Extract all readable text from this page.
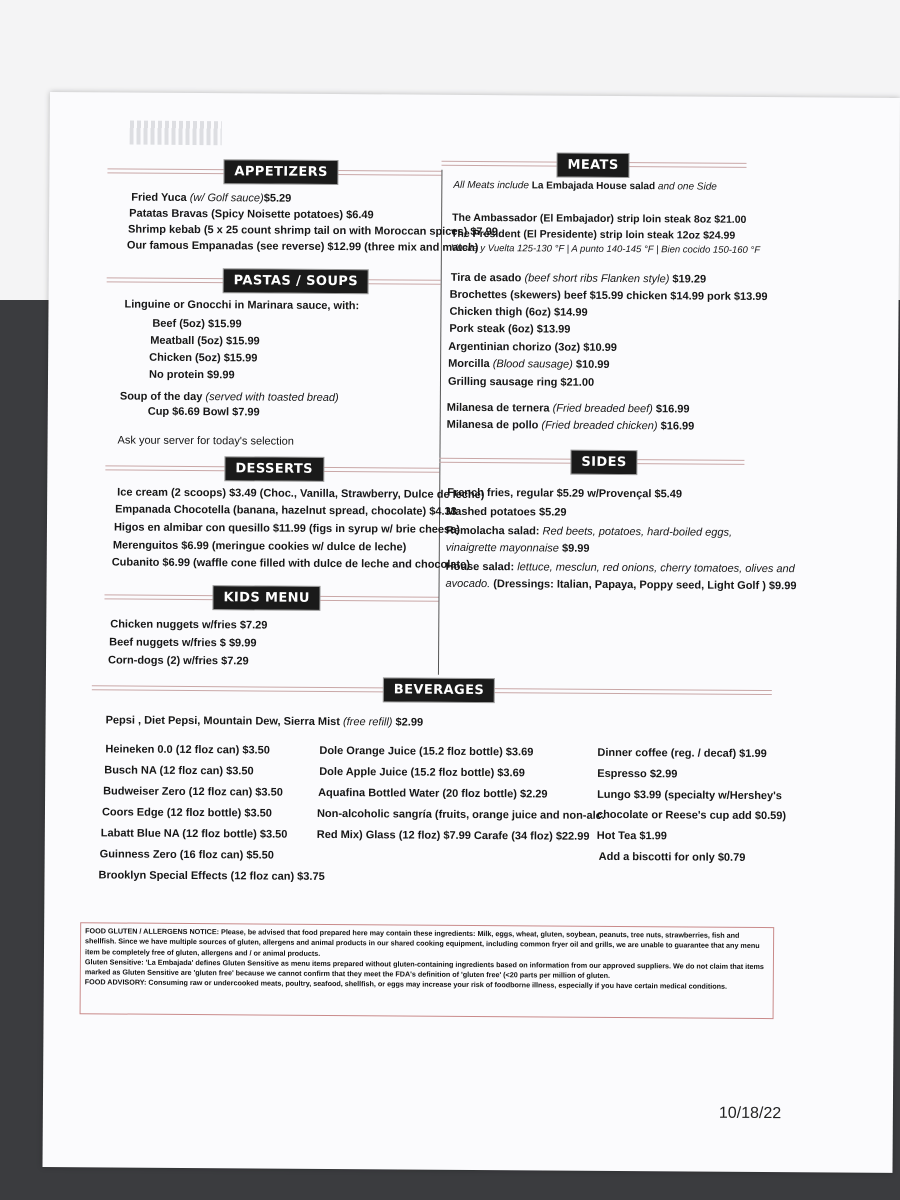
APPETIZERS
Fried Yuca (w/ Golf sauce)$5.29
Patatas Bravas (Spicy Noisette potatoes) $6.49
Shrimp kebab (5 x 25 count shrimp tail on with Moroccan spices) $7.99
Our famous Empanadas (see reverse) $12.99 (three mix and match)
PASTAS / SOUPS
Linguine or Gnocchi in Marinara sauce, with:
Beef (5oz) $15.99
Meatball (5oz) $15.99
Chicken (5oz) $15.99
No protein $9.99
Soup of the day (served with toasted bread)
Cup $6.69 Bowl $7.99
Ask your server for today's selection
DESSERTS
Ice cream (2 scoops) $3.49 (Choc., Vanilla, Strawberry, Dulce de leche)
Empanada Chocotella (banana, hazelnut spread, chocolate) $4.33
Higos en almibar con quesillo $11.99 (figs in syrup w/ brie cheese)
Merenguitos $6.99 (meringue cookies w/ dulce de leche)
Cubanito $6.99 (waffle cone filled with dulce de leche and chocolate)
KIDS MENU
Chicken nuggets w/fries $7.29
Beef nuggets w/fries $ $9.99
Corn-dogs (2) w/fries $7.29
MEATS
All Meats include La Embajada House salad and one Side
The Ambassador (El Embajador) strip loin steak 8oz $21.00
The President (El Presidente) strip loin steak 12oz $24.99
Vuelta y Vuelta 125-130 °F | A punto 140-145 °F | Bien cocido 150-160 °F
Tira de asado (beef short ribs Flanken style) $19.29
Brochettes (skewers) beef $15.99 chicken $14.99 pork $13.99
Chicken thigh (6oz) $14.99
Pork steak (6oz) $13.99
Argentinian chorizo (3oz) $10.99
Morcilla (Blood sausage) $10.99
Grilling sausage ring $21.00
Milanesa de ternera (Fried breaded beef) $16.99
Milanesa de pollo (Fried breaded chicken) $16.99
SIDES
French fries, regular $5.29 w/Provençal $5.49
Mashed potatoes $5.29
Remolacha salad: Red beets, potatoes, hard-boiled eggs,
vinaigrette mayonnaise $9.99
House salad: lettuce, mesclun, red onions, cherry tomatoes, olives and
avocado. (Dressings: Italian, Papaya, Poppy seed, Light Golf ) $9.99
BEVERAGES
Pepsi , Diet Pepsi, Mountain Dew, Sierra Mist (free refill) $2.99
Heineken 0.0 (12 floz can) $3.50
Busch NA (12 floz can) $3.50
Budweiser Zero (12 floz can) $3.50
Coors Edge (12 floz bottle) $3.50
Labatt Blue NA (12 floz bottle) $3.50
Guinness Zero (16 floz can) $5.50
Brooklyn Special Effects (12 floz can) $3.75
Dole Orange Juice (15.2 floz bottle) $3.69
Dole Apple Juice (15.2 floz bottle) $3.69
Aquafina Bottled Water (20 floz bottle) $2.29
Non-alcoholic sangría (fruits, orange juice and non-alc.
Red Mix) Glass (12 floz) $7.99 Carafe (34 floz) $22.99
Dinner coffee (reg. / decaf) $1.99
Espresso $2.99
Lungo $3.99 (specialty w/Hershey's
chocolate or Reese's cup add $0.59)
Hot Tea $1.99
Add a biscotti for only $0.79

FOOD GLUTEN / ALLERGENS NOTICE: Please, be advised that food prepared here may contain these ingredients: Milk, eggs, wheat, gluten, soybean, peanuts, tree nuts, strawberries, fish and shellfish. Since we have multiple sources of gluten, allergens and animal products in our shared cooking equipment, including common fryer oil and grills, we are unable to guarantee that any menu item be completely free of gluten, allergens and / or animal products.

Gluten Sensitive: 'La Embajada' defines Gluten Sensitive as menu items prepared without gluten-containing ingredients based on information from our approved suppliers. We do not claim that items marked as Gluten Sensitive are 'gluten free' because we cannot confirm that they meet the FDA's definition of 'gluten free' (<20 parts per million of gluten.

FOOD ADVISORY: Consuming raw or undercooked meats, poultry, seafood, shellfish, or eggs may increase your risk of foodborne illness, especially if you have certain medical conditions.

10/18/22
